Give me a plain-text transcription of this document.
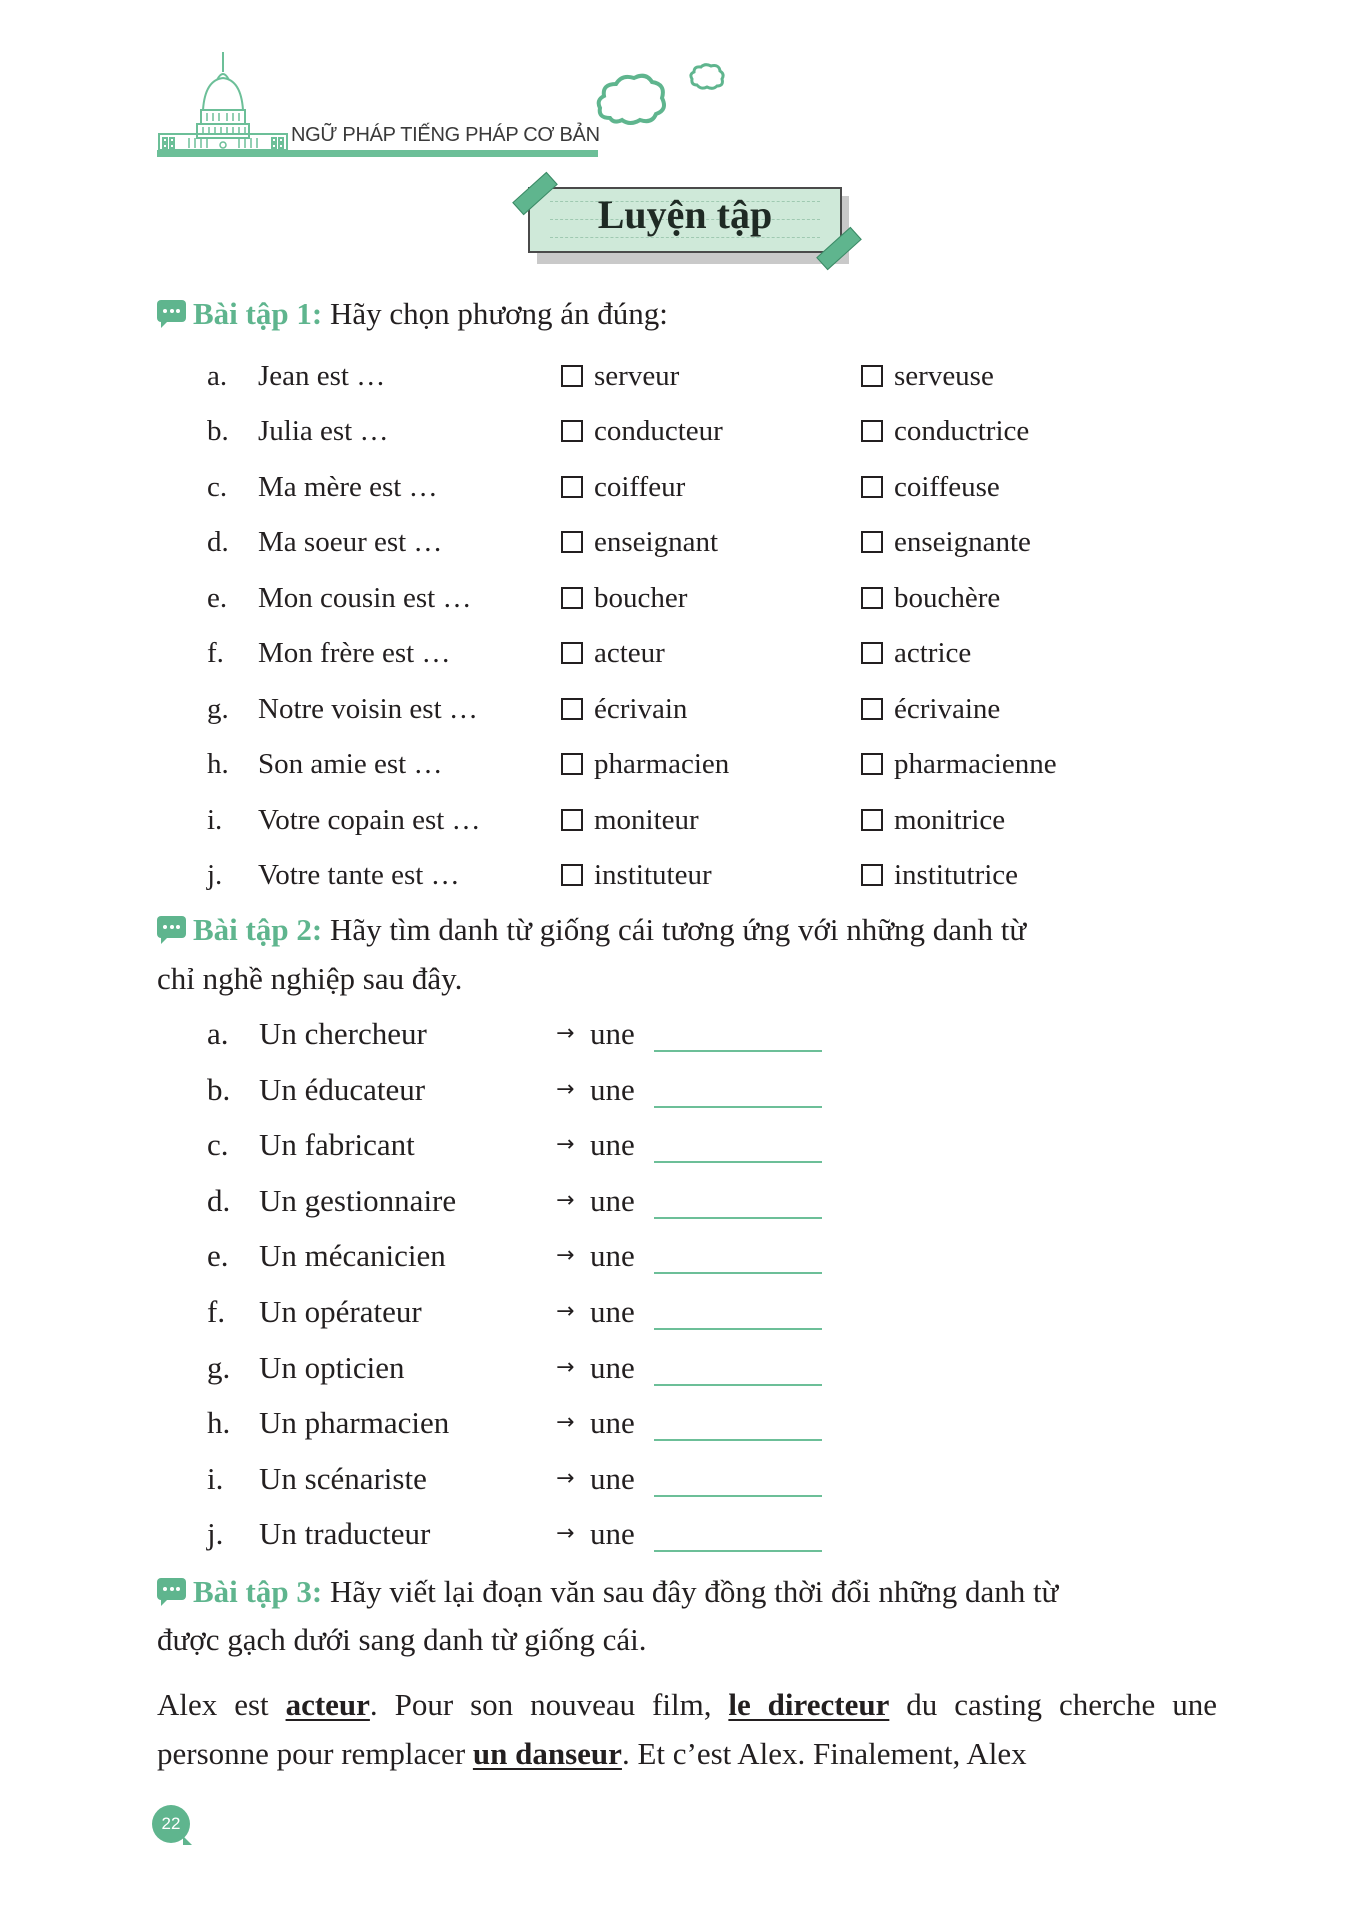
NGỮ PHÁP TIẾNG PHÁP CƠ BẢN
Luyện tập
Bài tập 1: Hãy chọn phương án đúng:
a. Jean est …	serveur	serveuse
b. Julia est …	conducteur	conductrice
c. Ma mère est …	coiffeur	coiffeuse
d. Ma soeur est …	enseignant	enseignante
e. Mon cousin est …	boucher	bouchère
f. Mon frère est …	acteur	actrice
g. Notre voisin est …	écrivain	écrivaine
h. Son amie est …	pharmacien	pharmacienne
i. Votre copain est …	moniteur	monitrice
j. Votre tante est …	instituteur	institutrice
Bài tập 2: Hãy tìm danh từ giống cái tương ứng với những danh từ
chỉ nghề nghiệp sau đây.
a. Un chercheur	→ une
b. Un éducateur	→ une
c. Un fabricant	→ une
d. Un gestionnaire	→ une
e. Un mécanicien	→ une
f. Un opérateur	→ une
g. Un opticien	→ une
h. Un pharmacien	→ une
i. Un scénariste	→ une
j. Un traducteur	→ une
Bài tập 3: Hãy viết lại đoạn văn sau đây đồng thời đổi những danh từ
được gạch dưới sang danh từ giống cái.
Alex est acteur. Pour son nouveau film, le directeur du casting cherche une personne pour remplacer un danseur. Et c’est Alex. Finalement, Alex
22
